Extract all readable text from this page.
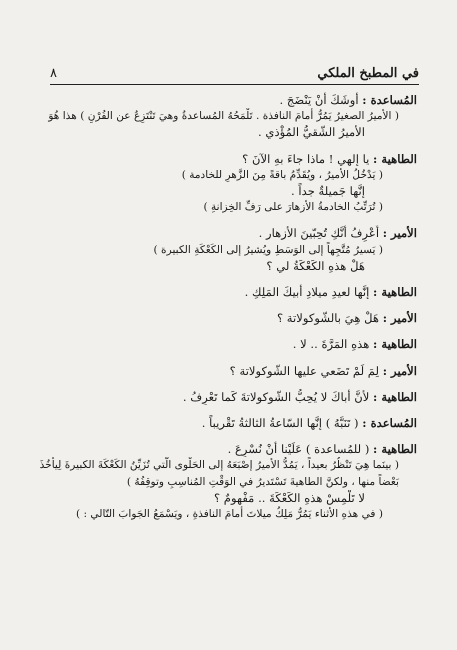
في المطبخ الملكي
٨
المُساعدة : أوشَكَ أنْ يَنْضَجَ .
( الأميرُ الصغيرُ يَمُرُّ أمامَ النافذة . تَلْمَحُهُ المُساعدةُ وهيَ تَنْتَزِعُ عن الفُرْنِ ) هذا هُوَ
الأميرُ الشّقيُّ المُؤْذي .
الطاهية : يا إلهي ! ماذا جاءَ بهِ الآنَ ؟
( يَدْخُلُ الأميرُ ، ويُقَدِّمُ باقةً مِنَ الزَّهرِ للخادمة )
إنَّها جَميلةٌ جداً .
( تُرَتِّبُ الخادمةُ الأزهارَ على رَفِّ الخِزانةِ )
الأمير : أَعْرِفُ أنَّكِ تُحِبّينَ الأزهار .
( يَسيرُ مُتَّجِهاً إلى الوَسَطِ ويُشيرُ إلى الكَعْكَةِ الكبيرة )
هَلْ هذهِ الكَعْكَةُ لي ؟
الطاهية : إنَّها لعيدِ ميلادِ أبيكَ المَلِكِ .
الأمير : هَلْ هِيَ بالشّوكولاتة ؟
الطاهية : هذهِ المَرَّةَ .. لا .
الأمير : لِمَ لَمْ تَضَعي عليها الشّوكولاتة ؟
الطاهية : لأنَّ أباكَ لا يُحِبُّ الشّوكولاتةَ كَما تَعْرِفُ .
المُساعدة : ( تَنَبَّهُ ) إنَّها السّاعةُ الثالثةُ تَقْريباً .
الطاهية : ( للمُساعدة ) عَلَيْنا أنْ نُسْرِعَ .
( بينَما هِيَ تَنْظُرُ بعيداً ، يَمُدُّ الأميرُ إصْبَعَهُ إلى الحَلْوى الّتي تُزَيِّنُ الكَعْكَةَ الكبيرةَ لِيأْخُذَ
بَعْضاً منها ، ولكنَّ الطاهيةَ تَسْتَديرُ في الوَقْتِ المُناسِبِ وتوقِفُهُ )
لا تَلْمِسْ هذهِ الكَعْكَةَ .. مَفْهومٌ ؟
( في هذهِ الأثناء يَمُرُّ مَلِكُ ميلاتَ أمامَ النافذةِ ، ويَسْمَعُ الجَوابَ التّالي : )
